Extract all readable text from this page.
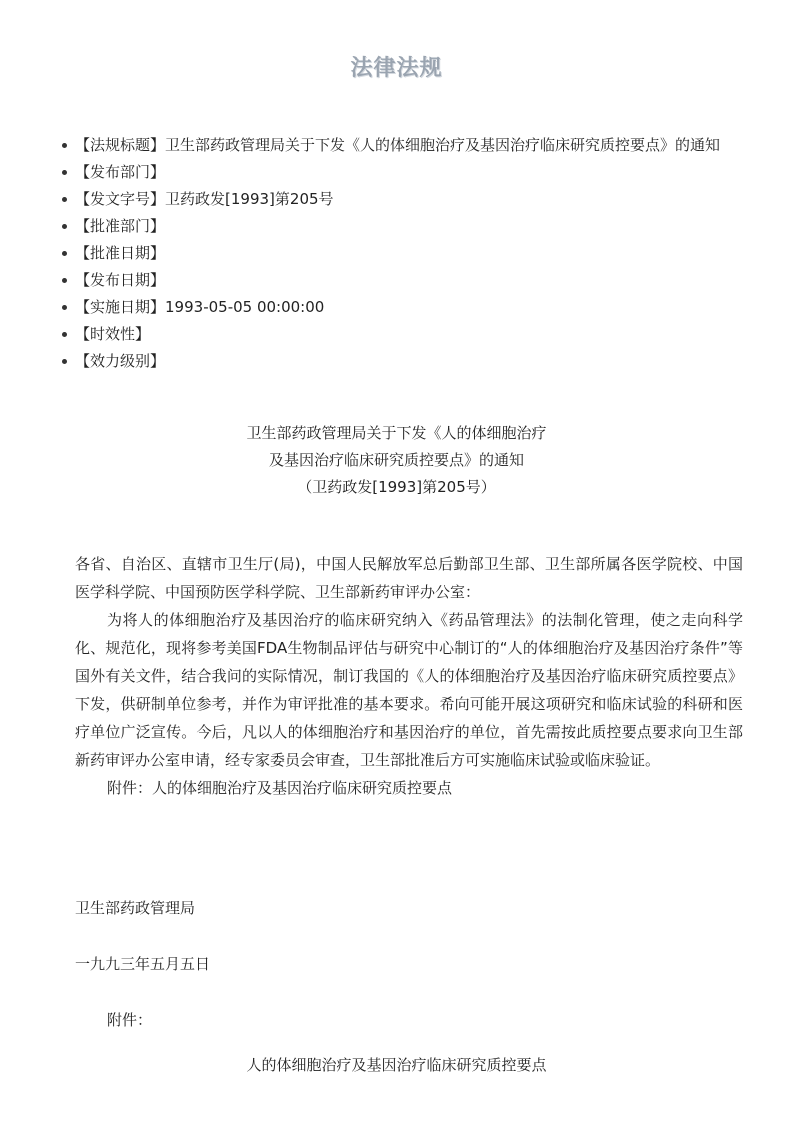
法律法规
【法规标题】卫生部药政管理局关于下发《人的体细胞治疗及基因治疗临床研究质控要点》的通知
【发布部门】
【发文字号】卫药政发[1993]第205号
【批准部门】
【批准日期】
【发布日期】
【实施日期】1993-05-05 00:00:00
【时效性】
【效力级别】
卫生部药政管理局关于下发《人的体细胞治疗
及基因治疗临床研究质控要点》的通知
（卫药政发[1993]第205号）

各省、自治区、直辖市卫生厅(局)，中国人民解放军总后勤部卫生部、卫生部所属各医学院校、中国医学科学院、中国预防医学科学院、卫生部新药审评办公室：

为将人的体细胞治疗及基因治疗的临床研究纳入《药品管理法》的法制化管理，使之走向科学化、规范化，现将参考美国FDA生物制品评估与研究中心制订的“人的体细胞治疗及基因治疗条件”等国外有关文件，结合我问的实际情况，制订我国的《人的体细胞治疗及基因治疗临床研究质控要点》下发，供研制单位参考，并作为审评批准的基本要求。希向可能开展这项研究和临床试验的科研和医疗单位广泛宣传。今后，凡以人的体细胞治疗和基因治疗的单位，首先需按此质控要点要求向卫生部新药审评办公室申请，经专家委员会审查，卫生部批准后方可实施临床试验或临床验证。

附件：人的体细胞治疗及基因治疗临床研究质控要点

卫生部药政管理局
一九九三年五月五日
附件：
人的体细胞治疗及基因治疗临床研究质控要点
